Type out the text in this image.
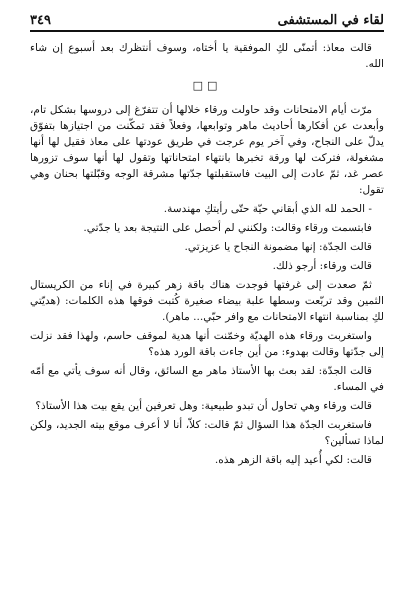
لقاء في المستشفى
٣٤٩

قالت معاذ: أتمنّى لكِ الموفقية يا أختاه، وسوف أنتظرك بعد أسبوع إن شاء الله.

□□

مرّت أيام الامتحانات وقد حاولت ورقاء خلالها أن تتفرّغ إلى دروسها بشكل تام، وأبعدت عن أفكارها أحاديث ماهر وتوابعها، وفعلاً فقد تمكّنت من اجتيازها بتفوّق يدلّ على النجاح، وفي آخر يوم عرجت في طريق عودتها على معاذ فقيل لها أنها مشغولة، فتركت لها ورقة تخبرها بانتهاء امتحاناتها وتقول لها أنها سوف تزورها عصر غد، ثمّ عادت إلى البيت فاستقبلتها جدّتها مشرقة الوجه وقبّلتها بحنان وهي تقول:

- الحمد لله الذي أبقاني حيّة حتّى رأيتكِ مهندسة.

فابتسمت ورقاء وقالت: ولكنني لم أحصل على النتيجة بعد يا جدّتي.

قالت الجدّة: إنها مضمونة النجاح يا عزيزتي.

قالت ورقاء: أرجو ذلك.

ثمّ صعدت إلى غرفتها فوجدت هناك باقة زهر كبيرة في إناء من الكريستال الثمين وقد تربّعت وسطها علبة بيضاء صغيرة كُتبت فوقها هذه الكلمات: (هديّتي لكِ بمناسبة انتهاء الامتحانات مع وافر حبّي... ماهر).

واستغربت ورقاء هذه الهديّة وخمّنت أنها هدية لموقف حاسم، ولهذا فقد نزلت إلى جدّتها وقالت بهدوء: من أين جاءت باقة الورد هذه؟

قالت الجدّة: لقد بعث بها الأستاذ ماهر مع السائق، وقال أنه سوف يأتي مع أمّه في المساء.

قالت ورقاء وهي تحاول أن تبدو طبيعية: وهل تعرفين أين يقع بيت هذا الأستاذ؟

فاستغربت الجدّة هذا السؤال ثمّ قالت: كلاّ، أنا لا أعرف موقع بيته الجديد، ولكن لماذا تسألين؟

قالت: لكي أُعيد إليه باقة الزهر هذه.
